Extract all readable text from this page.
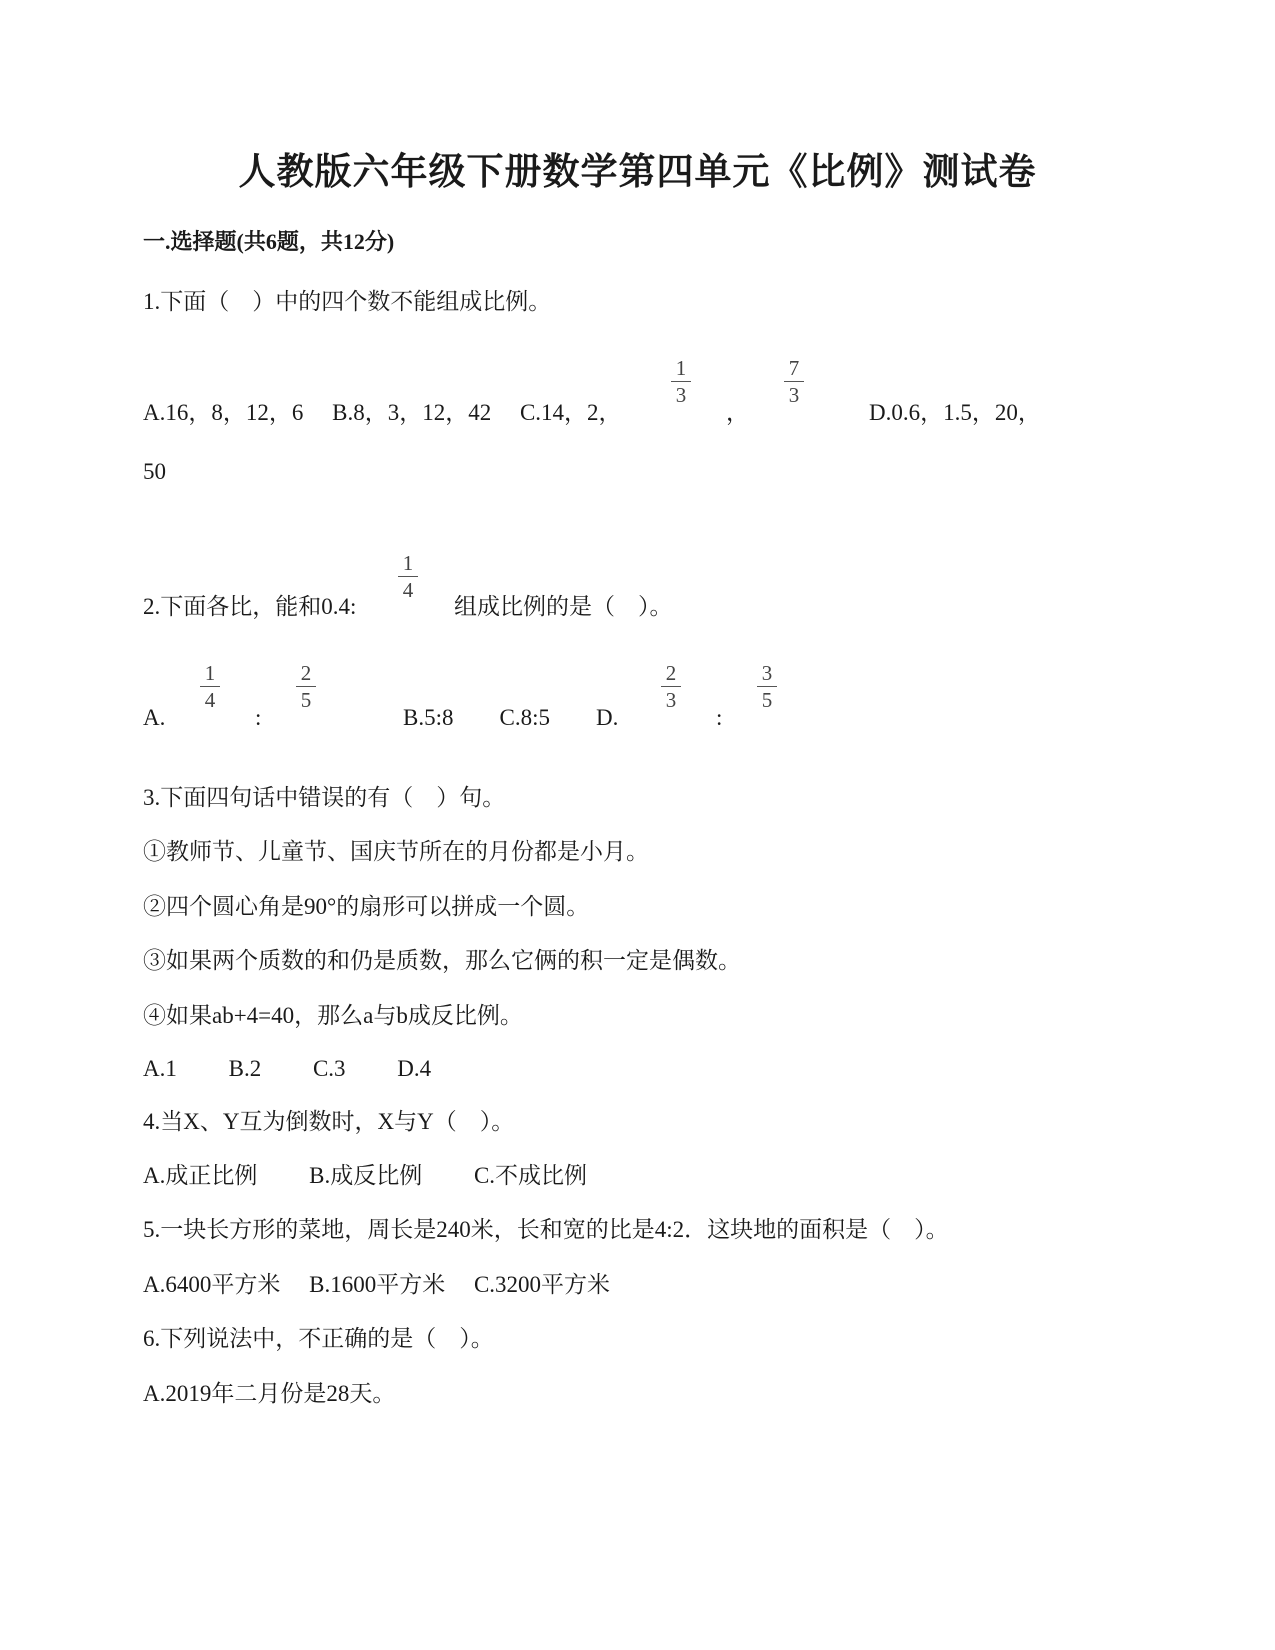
人教版六年级下册数学第四单元《比例》测试卷
一.选择题(共6题，共12分)
1.下面（　）中的四个数不能组成比例。
A.16，8，12，6　 B.8，3，12，42　 C.14，2，
1
3
，
7
3
D.0.6，1.5，20，
50
2.下面各比，能和0.4:
1
4
组成比例的是（　）。
A.
1
4
:
2
5
B.5:8　　C.8:5　　D.
2
3
:
3
5
3.下面四句话中错误的有（　）句。
①教师节、儿童节、国庆节所在的月份都是小月。
②四个圆心角是90°的扇形可以拼成一个圆。
③如果两个质数的和仍是质数，那么它俩的积一定是偶数。
④如果ab+4=40，那么a与b成反比例。
A.1　　 B.2　　 C.3　　 D.4
4.当X、Y互为倒数时，X与Y（　）。
A.成正比例　　 B.成反比例　　 C.不成比例
5.一块长方形的菜地，周长是240米，长和宽的比是4:2．这块地的面积是（　）。
A.6400平方米　 B.1600平方米　 C.3200平方米
6.下列说法中，不正确的是（　）。
A.2019年二月份是28天。
